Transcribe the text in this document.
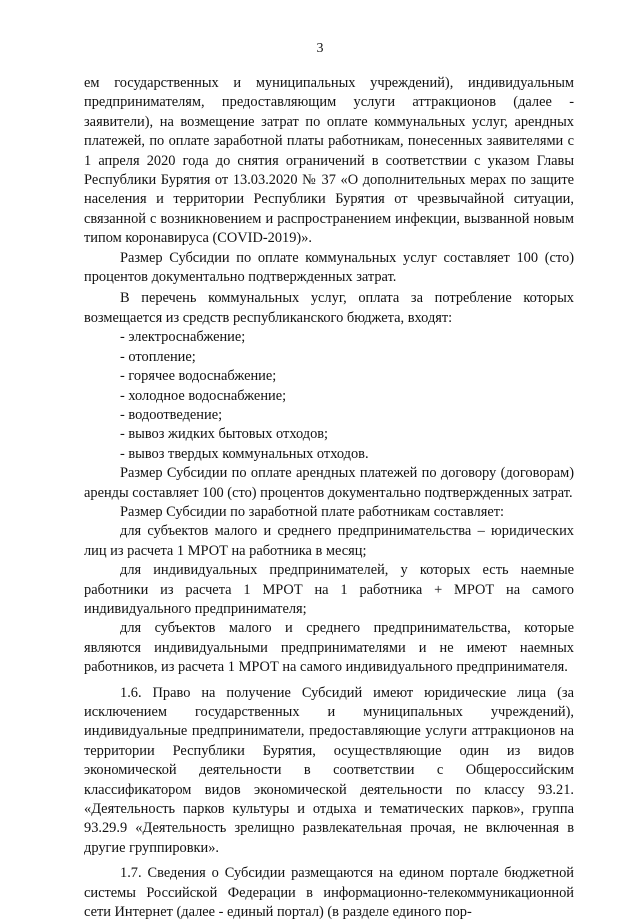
3

ем государственных и муниципальных учреждений), индивидуальным предпринимателям, предоставляющим услуги аттракционов (далее - заявители), на возмещение затрат по оплате коммунальных услуг, арендных платежей, по оплате заработной платы работникам, понесенных заявителями с 1 апреля 2020 года до снятия ограничений в соответствии с указом Главы Республики Бурятия от 13.03.2020 № 37 «О дополнительных мерах по защите населения и территории Республики Бурятия от чрезвычайной ситуации, связанной с возникновением и распространением инфекции, вызванной новым типом коронавируса (COVID-2019)».

Размер Субсидии по оплате коммунальных услуг составляет 100 (сто) процентов документально подтвержденных затрат.

В перечень коммунальных услуг, оплата за потребление которых возмещается из средств республиканского бюджета, входят:

- электроснабжение;

- отопление;

- горячее водоснабжение;

- холодное водоснабжение;

- водоотведение;

- вывоз жидких бытовых отходов;

- вывоз твердых коммунальных отходов.

Размер Субсидии по оплате арендных платежей по договору (договорам) аренды составляет 100 (сто) процентов документально подтвержденных затрат.

Размер Субсидии по заработной плате работникам составляет:

для субъектов малого и среднего предпринимательства – юридических лиц из расчета 1 МРОТ на работника в месяц;

для индивидуальных предпринимателей, у которых есть наемные работники из расчета 1 МРОТ на 1 работника + МРОТ на самого индивидуального предпринимателя;

для субъектов малого и среднего предпринимательства, которые являются индивидуальными предпринимателями и не имеют наемных работников, из расчета 1 МРОТ на самого индивидуального предпринимателя.

1.6. Право на получение Субсидий имеют юридические лица (за исключением государственных и муниципальных учреждений), индивидуальные предприниматели, предоставляющие услуги аттракционов на территории Республики Бурятия, осуществляющие один из видов экономической деятельности в соответствии с Общероссийским классификатором видов экономической деятельности по классу 93.21. «Деятельность парков культуры и отдыха и тематических парков», группа 93.29.9 «Деятельность зрелищно развлекательная прочая, не включенная в другие группировки».

1.7. Сведения о Субсидии размещаются на едином портале бюджетной системы Российской Федерации в информационно-телекоммуникационной сети Интернет (далее - единый портал) (в разделе единого пор-
